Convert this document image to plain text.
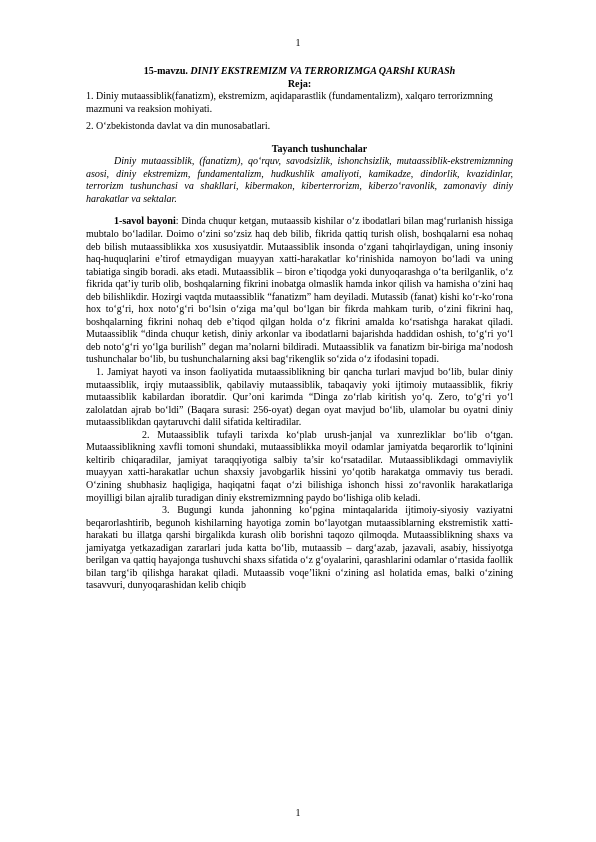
1

15-mavzu. DINIY EKSTREMIZM VA TERRORIZMGA QARShI KURASh

Reja:

1. Diniy mutaassiblik(fanatizm), ekstremizm, aqidaparastlik (fundamentalizm), xalqaro terrorizmning mazmuni va reaksion mohiyati.

2. O‘zbekistonda davlat va din munosabatlari.

Tayanch tushunchalar

Diniy mutaassiblik, (fanatizm), qo‘rquv, savodsizlik, ishonchsizlik, mutaassiblik-ekstremizmning asosi, diniy ekstremizm, fundamentalizm, hudkushlik amaliyoti, kamikadze, dindorlik, kvazidinlar, terrorizm tushunchasi va shakllari, kibermakon, kiberterrorizm, kiberzo‘ravonlik, zamonaviy diniy harakatlar va sektalar.

1-savol bayoni: Dinda chuqur ketgan, mutaassib kishilar o‘z ibodatlari bilan mag‘rurlanish hissiga mubtalo bo‘ladilar. Doimo o‘zini so‘zsiz haq deb bilib, fikrida qattiq turish olish, boshqalarni esa nohaq deb bilish mutaassiblikka xos xususiyatdir. Mutaassiblik insonda o‘zgani tahqirlaydigan, uning insoniy haq-huquqlarini e’tirof etmaydigan muayyan xatti-harakatlar ko‘rinishida namoyon bo‘ladi va uning tabiatiga singib boradi. aks etadi. Mutaassiblik – biron e’tiqodga yoki dunyoqarashga o‘ta berilganlik, o‘z fikrida qat’iy turib olib, boshqalarning fikrini inobatga olmaslik hamda inkor qilish va hamisha o‘zini haq deb bilishlikdir. Hozirgi vaqtda mutaassiblik “fanatizm” ham deyiladi. Mutassib (fanat) kishi ko‘r-ko‘rona hox to‘g‘ri, hox noto‘g‘ri bo‘lsin o‘ziga ma’qul bo‘lgan bir fikrda mahkam turib, o‘zini fikrini haq, boshqalarning fikrini nohaq deb e’tiqod qilgan holda o‘z fikrini amalda ko‘rsatishga harakat qiladi. Mutaassiblik “dinda chuqur ketish, diniy arkonlar va ibodatlarni bajarishda haddidan oshish, to‘g‘ri yo‘l deb noto‘g‘ri yo‘lga burilish” degan ma’nolarni bildiradi. Mutaassiblik va fanatizm bir-biriga ma’nodosh tushunchalar bo‘lib, bu tushunchalarning aksi bag‘rikenglik so‘zida o‘z ifodasini topadi.

1. Jamiyat hayoti va inson faoliyatida mutaassiblikning bir qancha turlari mavjud bo‘lib, bular diniy mutaassiblik, irqiy mutaassiblik, qabilaviy mutaassiblik, tabaqaviy yoki ijtimoiy mutaassiblik, fikriy mutaassiblik kabilardan iboratdir. Qur’oni karimda “Dinga zo‘rlab kiritish yo‘q. Zero, to‘g‘ri yo‘l zalolatdan ajrab bo‘ldi” (Baqara surasi: 256-oyat) degan oyat mavjud bo‘lib, ulamolar bu oyatni diniy mutaassiblikdan qaytaruvchi dalil sifatida keltiradilar.

2. Mutaassiblik tufayli tarixda ko‘plab urush-janjal va xunrezliklar bo‘lib o‘tgan. Mutaassiblikning xavfli tomoni shundaki, mutaassiblikka moyil odamlar jamiyatda beqarorlik to‘lqinini keltirib chiqaradilar, jamiyat taraqqiyotiga salbiy ta’sir ko‘rsatadilar. Mutaassiblikdagi ommaviylik muayyan xatti-harakatlar uchun shaxsiy javobgarlik hissini yo‘qotib harakatga ommaviy tus beradi. O‘zining shubhasiz haqligiga, haqiqatni faqat o‘zi bilishiga ishonch hissi zo‘ravonlik harakatlariga moyilligi bilan ajralib turadigan diniy ekstremizmning paydo bo‘lishiga olib keladi.

3. Bugungi kunda jahonning ko‘pgina mintaqalarida ijtimoiy-siyosiy vaziyatni beqarorlashtirib, begunoh kishilarning hayotiga zomin bo‘layotgan mutaassiblarning ekstremistik xatti-harakati bu illatga qarshi birgalikda kurash olib borishni taqozo qilmoqda. Mutaassiblikning shaxs va jamiyatga yetkazadigan zararlari juda katta bo‘lib, mutaassib – darg‘azab, jazavali, asabiy, hissiyotga berilgan va qattiq hayajonga tushuvchi shaxs sifatida o‘z g‘oyalarini, qarashlarini odamlar o‘rtasida faollik bilan targ‘ib qilishga harakat qiladi. Mutaassib voqe’likni o‘zining asl holatida emas, balki o‘zining tasavvuri, dunyoqarashidan kelib chiqib

1
